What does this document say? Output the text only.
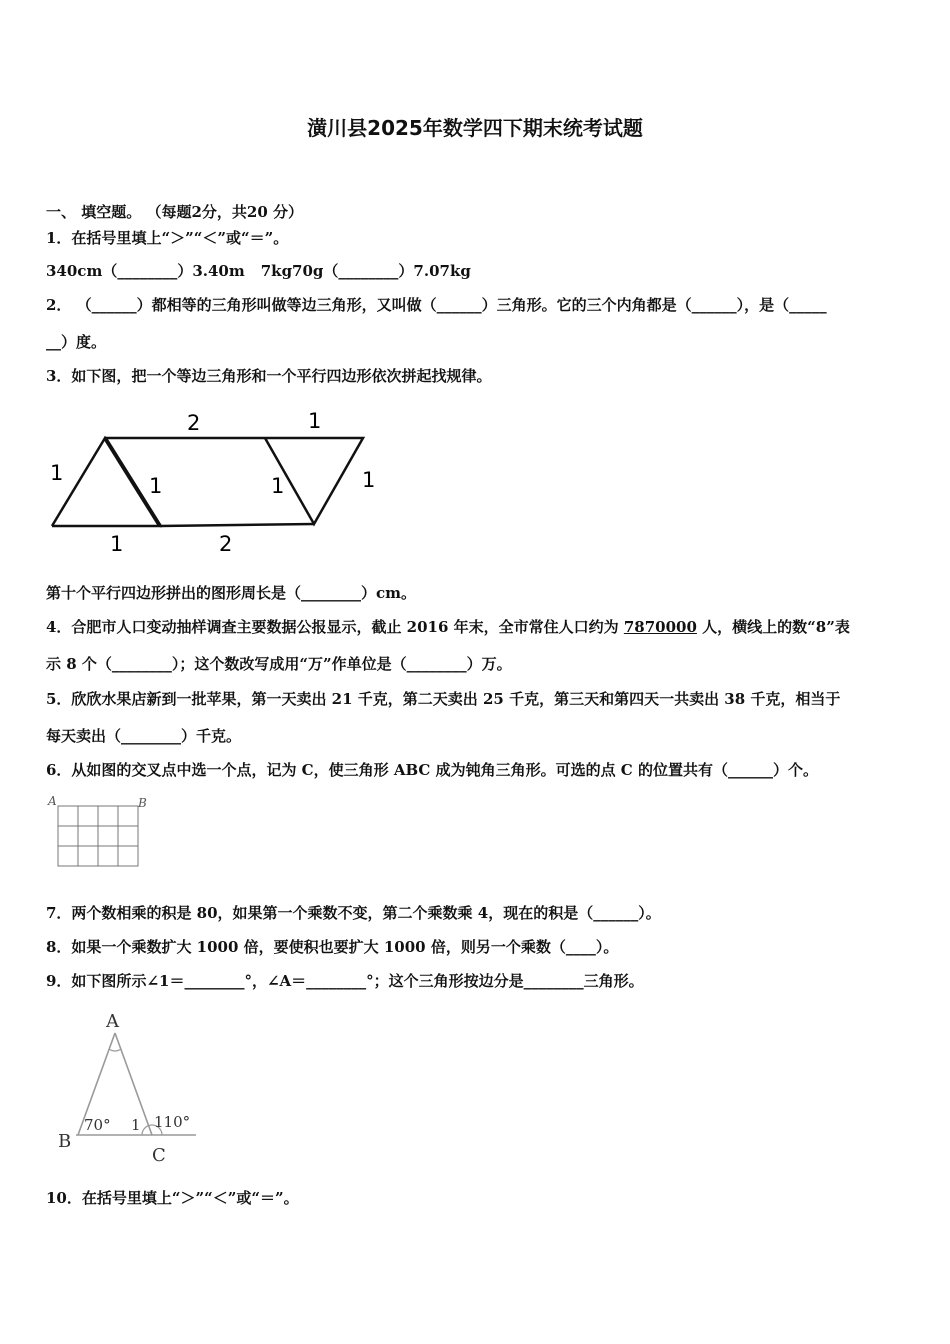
潢川县2025年数学四下期末统考试题
一、 填空题。 （每题2分，共20 分）
1．在括号里填上“＞”“＜”或“＝”。
340cm（________）3.40m 7kg70g（________）7.07kg
2． （______）都相等的三角形叫做等边三角形，又叫做（______）三角形。它的三个内角都是（______），是（_____
__）度。
3．如下图，把一个等边三角形和一个平行四边形依次拼起找规律。
2	1
1
1	1	1
1	2
第十个平行四边形拼出的图形周长是（________）cm。
4．合肥市人口变动抽样调查主要数据公报显示，截止 2016 年末，全市常住人口约为 7870000 人，横线上的数“8”表
示 8 个（________）；这个数改写成用“万”作单位是（________）万。
5．欣欣水果店新到一批苹果，第一天卖出 21 千克，第二天卖出 25 千克，第三天和第四天一共卖出 38 千克，相当于
每天卖出（________）千克。
6．从如图的交叉点中选一个点，记为 C，使三角形 ABC 成为钝角三角形。可选的点 C 的位置共有（______）个。
A	B
7．两个数相乘的积是 80，如果第一个乘数不变，第二个乘数乘 4，现在的积是（______）。
8．如果一个乘数扩大 1000 倍，要使积也要扩大 1000 倍，则另一个乘数（____）。
9．如下图所示∠1＝________°，∠A＝________°；这个三角形按边分是________三角形。
A
B
C
70° 1 110°
10．在括号里填上“＞”“＜”或“＝”。
